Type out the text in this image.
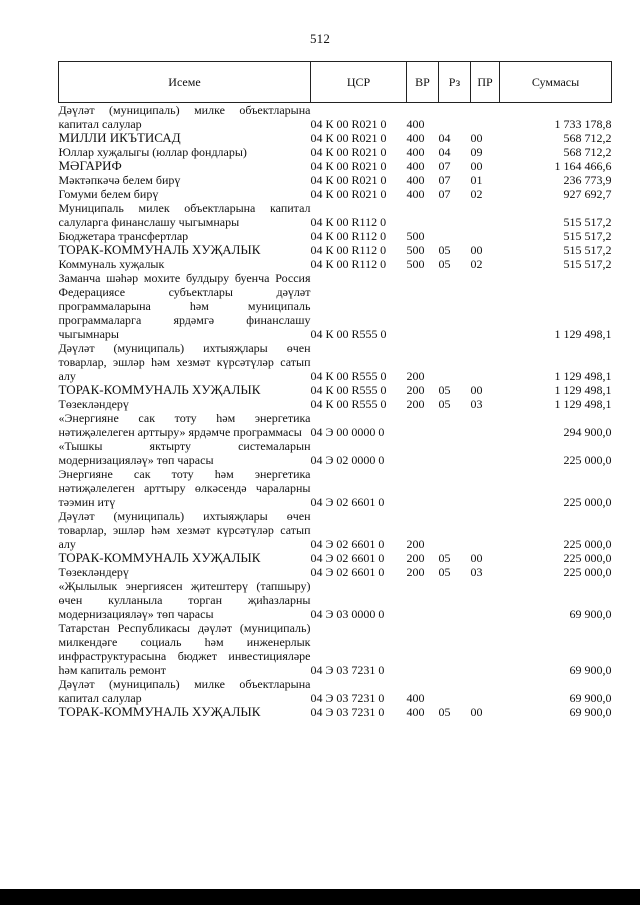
512
Исеме	ЦСР	ВР	Рз	ПР	Суммасы
Дәүләт (муниципаль) милке объектларына капитал салулар	04 К 00 R021 0	400			1 733 178,8
МИЛЛИ ИКЪТИСАД	04 К 00 R021 0	400	04	00	568 712,2
Юллар хуҗалыгы (юллар фондлары)	04 К 00 R021 0	400	04	09	568 712,2
МӘГАРИФ	04 К 00 R021 0	400	07	00	1 164 466,6
Мәктәпкәчә белем бирү	04 К 00 R021 0	400	07	01	236 773,9
Гомуми белем бирү	04 К 00 R021 0	400	07	02	927 692,7
Муниципаль милек объектларына капитал салуларга финанслашу чыгымнары	04 К 00 R112 0				515 517,2
Бюджетара трансфертлар	04 К 00 R112 0	500			515 517,2
ТОРАК-КОММУНАЛЬ ХУҖАЛЫК	04 К 00 R112 0	500	05	00	515 517,2
Коммуналь хуҗалык	04 К 00 R112 0	500	05	02	515 517,2
Заманча шәһәр мохите булдыру буенча Россия Федерациясе субъектлары дәүләт программаларына һәм муниципаль программаларга ярдәмгә финанслашу чыгымнары	04 К 00 R555 0				1 129 498,1
Дәүләт (муниципаль) ихтыяҗлары өчен товарлар, эшләр һәм хезмәт күрсәтүләр сатып алу	04 К 00 R555 0	200			1 129 498,1
ТОРАК-КОММУНАЛЬ ХУҖАЛЫК	04 К 00 R555 0	200	05	00	1 129 498,1
Төзекләндерү	04 К 00 R555 0	200	05	03	1 129 498,1
«Энергияне сак тоту һәм энергетика нәтиҗәлелеген арттыру» ярдәмче программасы	04 Э 00 0000 0				294 900,0
«Тышкы яктырту системаларын модернизацияләү» төп чарасы	04 Э 02 0000 0				225 000,0
Энергияне сак тоту һәм энергетика нәтиҗәлелеген арттыру өлкәсендә чараларны тәэмин итү	04 Э 02 6601 0				225 000,0
Дәүләт (муниципаль) ихтыяҗлары өчен товарлар, эшләр һәм хезмәт күрсәтүләр сатып алу	04 Э 02 6601 0	200			225 000,0
ТОРАК-КОММУНАЛЬ ХУҖАЛЫК	04 Э 02 6601 0	200	05	00	225 000,0
Төзекләндерү	04 Э 02 6601 0	200	05	03	225 000,0
«Җылылык энергиясен җитештерү (тапшыру) өчен кулланыла торган җиһазларны модернизацияләү» төп чарасы	04 Э 03 0000 0				69 900,0
Татарстан Республикасы дәүләт (муниципаль) милкендәге социаль һәм инженерлык инфраструктурасына бюджет инвестицияләре һәм капиталь ремонт	04 Э 03 7231 0				69 900,0
Дәүләт (муниципаль) милке объектларына капитал салулар	04 Э 03 7231 0	400			69 900,0
ТОРАК-КОММУНАЛЬ ХУҖАЛЫК	04 Э 03 7231 0	400	05	00	69 900,0
